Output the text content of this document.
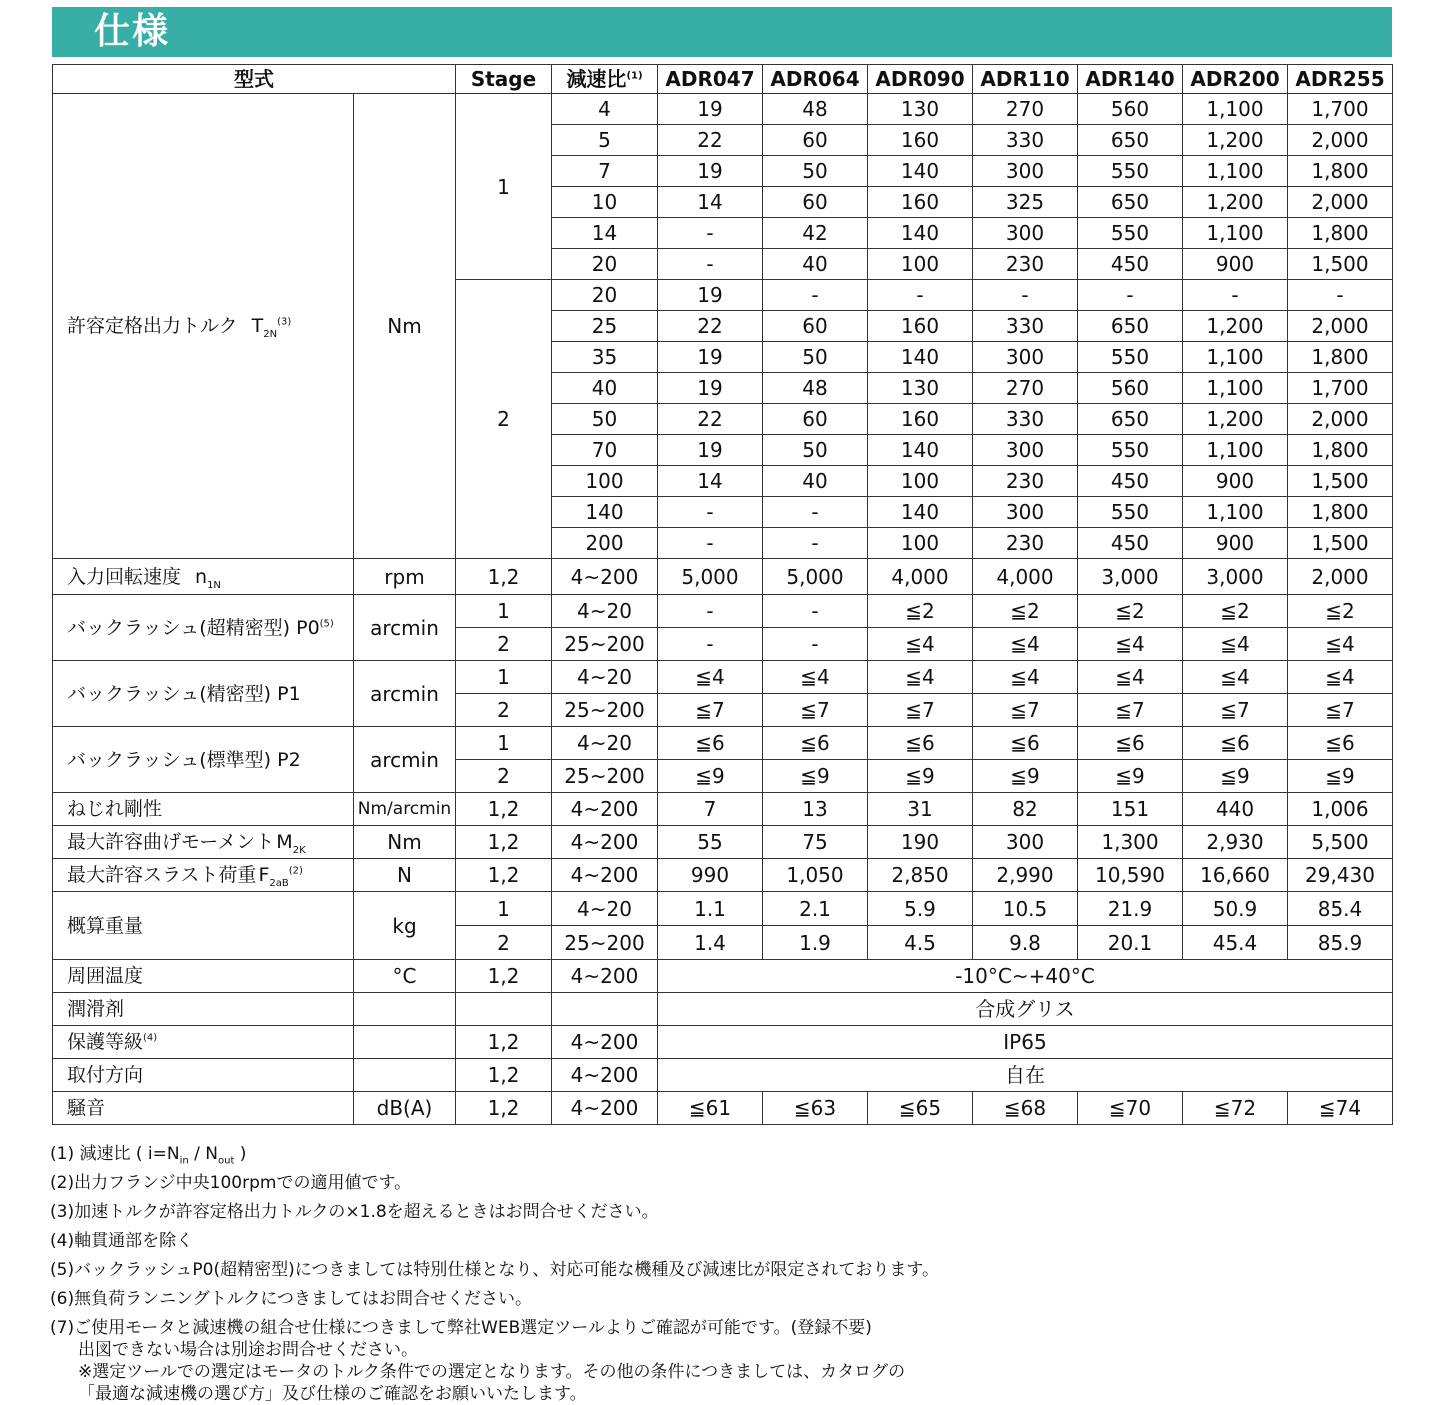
仕様
型式		Stage	減速比$^{(1)}$	ADR047	ADR064	ADR090	ADR110	ADR140	ADR200	ADR255
許容定格出力トルク $T_{2N}^{(3)}$	Nm	1	4	19	48	130	270	560	1,100	1,700
			5	22	60	160	330	650	1,200	2,000
			7	19	50	140	300	550	1,100	1,800
			10	14	60	160	325	650	1,200	2,000
			14	-	42	140	300	550	1,100	1,800
			20	-	40	100	230	450	900	1,500
		2	20	19	-	-	-	-	-	-
			25	22	60	160	330	650	1,200	2,000
			35	19	50	140	300	550	1,100	1,800
			40	19	48	130	270	560	1,100	1,700
			50	22	60	160	330	650	1,200	2,000
			70	19	50	140	300	550	1,100	1,800
			100	14	40	100	230	450	900	1,500
			140	-	-	140	300	550	1,100	1,800
			200	-	-	100	230	450	900	1,500
入力回転速度 $n_{1N}$	rpm	1,2	4~200	5,000	5,000	4,000	4,000	3,000	3,000	2,000
バックラッシュ(超精密型) P0$^{(5)}$	arcmin	1	4~20	-	-	≦2	≦2	≦2	≦2	≦2
		2	25~200	-	-	≦4	≦4	≦4	≦4	≦4
バックラッシュ(精密型) P1	arcmin	1	4~20	≦4	≦4	≦4	≦4	≦4	≦4	≦4
		2	25~200	≦7	≦7	≦7	≦7	≦7	≦7	≦7
バックラッシュ(標準型) P2	arcmin	1	4~20	≦6	≦6	≦6	≦6	≦6	≦6	≦6
		2	25~200	≦9	≦9	≦9	≦9	≦9	≦9	≦9
ねじれ剛性	Nm/arcmin	1,2	4~200	7	13	31	82	151	440	1,006
最大許容曲げモーメント $M_{2K}$	Nm	1,2	4~200	55	75	190	300	1,300	2,930	5,500
最大許容スラスト荷重 $F_{2aB}^{(2)}$	N	1,2	4~200	990	1,050	2,850	2,990	10,590	16,660	29,430
概算重量	kg	1	4~20	1.1	2.1	5.9	10.5	21.9	50.9	85.4
		2	25~200	1.4	1.9	4.5	9.8	20.1	45.4	85.9
周囲温度	°C	1,2	4~200	-10°C~+40°C						
潤滑剤				合成グリス						
保護等級$^{(4)}$		1,2	4~200	IP65						
取付方向		1,2	4~200	自在						
騒音	dB(A)	1,2	4~200	≦61	≦63	≦65	≦68	≦70	≦72	≦74
(1) 減速比 ( $i=N_{in} / N_{out}$ )
(2)出力フランジ中央100rpmでの適用値です。
(3)加速トルクが許容定格出力トルクの×1.8を超えるときはお問合せください。
(4)軸貫通部を除く
(5)バックラッシュP0(超精密型)につきましては特別仕様となり、対応可能な機種及び減速比が限定されております。
(6)無負荷ランニングトルクにつきましてはお問合せください。
(7)ご使用モータと減速機の組合せ仕様につきまして弊社WEB選定ツールよりご確認が可能です。(登録不要)
出図できない場合は別途お問合せください。
※選定ツールでの選定はモータのトルク条件での選定となります。その他の条件につきましては、カタログの
「最適な減速機の選び方」及び仕様のご確認をお願いいたします。
